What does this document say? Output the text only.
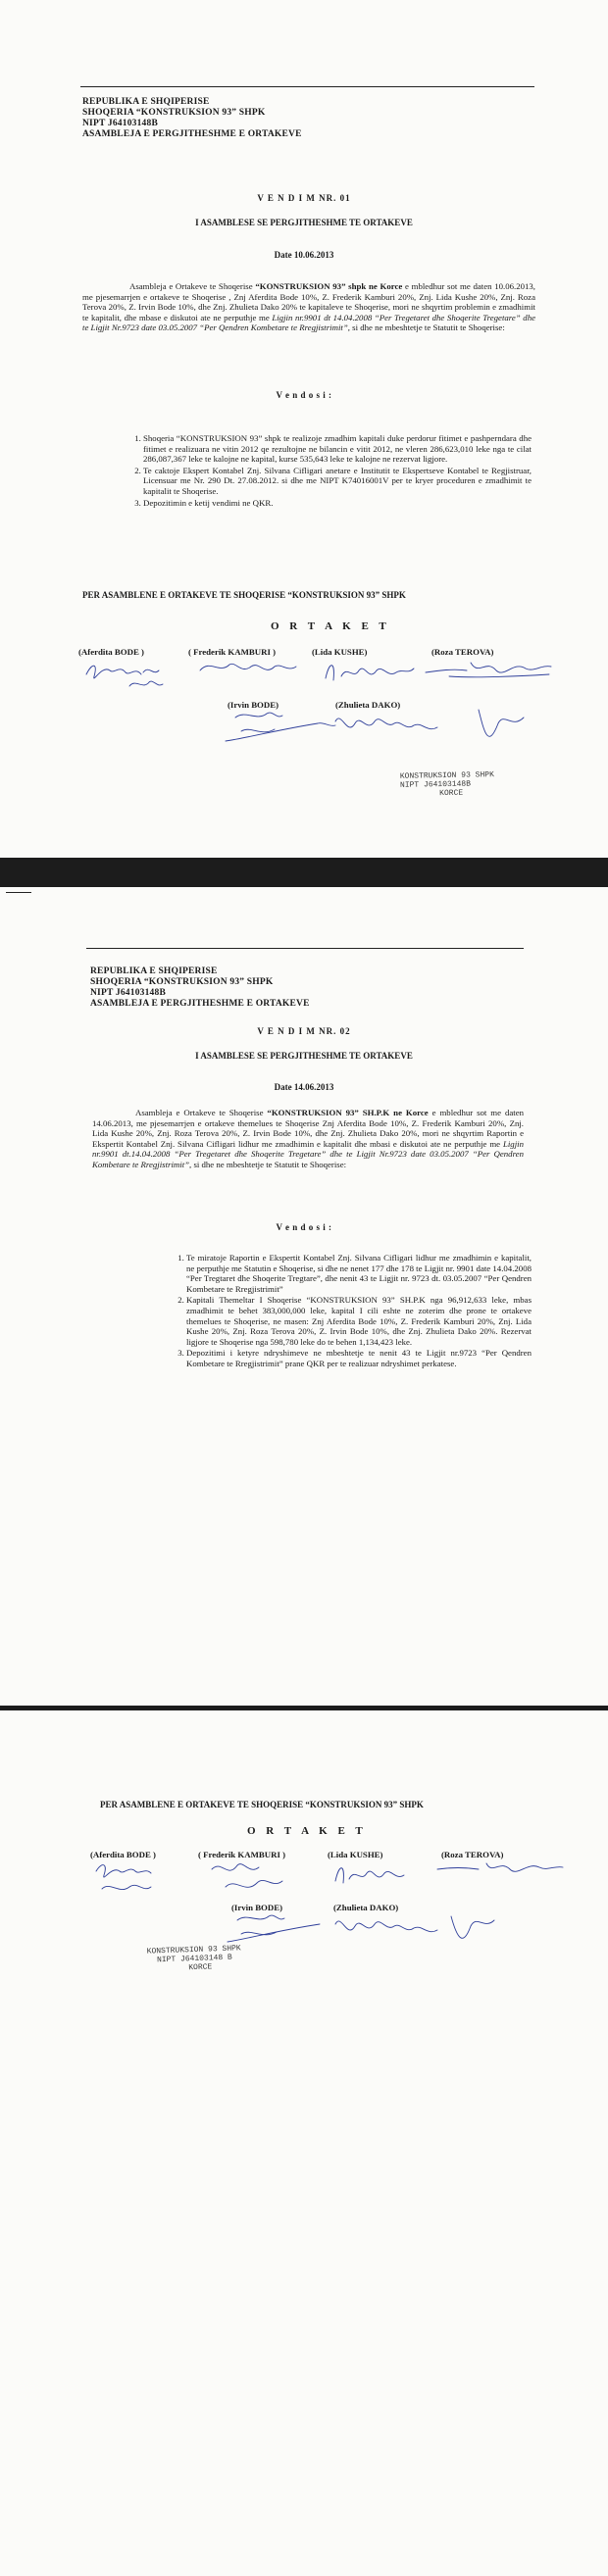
REPUBLIKA E SHQIPERISE
SHOQERIA “KONSTRUKSION 93” SHPK
NIPT J64103148B
ASAMBLEJA E PERGJITHESHME E ORTAKEVE
V E N D I M NR. 01
I ASAMBLESE SE PERGJITHESHME TE ORTAKEVE
Date 10.06.2013
Asambleja e Ortakeve te Shoqerise “KONSTRUKSION 93” shpk ne Korce e mbledhur sot me daten 10.06.2013, me pjesemarrjen e ortakeve te Shoqerise , Znj Aferdita Bode 10%, Z. Frederik Kamburi 20%, Znj. Lida Kushe 20%, Znj. Roza Terova 20%, Z. Irvin Bode 10%, dhe Znj. Zhulieta Dako 20% te kapitaleve te Shoqerise, mori ne shqyrtim problemin e zmadhimit te kapitalit, dhe mbase e diskutoi ate ne perputhje me Ligjin nr.9901 dt 14.04.2008 “Per Tregetaret dhe Shoqerite Tregetare” dhe te Ligjit Nr.9723 date 03.05.2007 “Per Qendren Kombetare te Rregjistrimit”, si dhe ne mbeshtetje te Statutit te Shoqerise:
V e n d o s i :
1. Shoqeria “KONSTRUKSION 93” shpk te realizoje zmadhim kapitali duke perdorur fitimet e pashperndara dhe fitimet e realizuara ne vitin 2012 qe rezultojne ne bilancin e vitit 2012, ne vleren 286,623,010 leke nga te cilat 286,087,367 leke te kalojne ne kapital, kurse 535,643 leke te kalojne ne rezervat ligjore.
2. Te caktoje Ekspert Kontabel Znj. Silvana Cifligari anetare e Institutit te Ekspertseve Kontabel te Regjistruar, Licensuar me Nr. 290 Dt. 27.08.2012. si dhe me NIPT K74016001V per te kryer proceduren e zmadhimit te kapitalit te Shoqerise.
3. Depozitimin e ketij vendimi ne QKR.
PER ASAMBLENE E ORTAKEVE TE SHOQERISE “KONSTRUKSION 93” SHPK
O R T A K E T
(Aferdita BODE )	( Frederik KAMBURI )	(Lida KUSHE)	(Roza TEROVA)
(Irvin BODE)	(Zhulieta DAKO)
KONSTRUKSION 93 SHPK
NIPT J64103148B
KORCE
REPUBLIKA E SHQIPERISE
SHOQERIA “KONSTRUKSION 93” SHPK
NIPT J64103148B
ASAMBLEJA E PERGJITHESHME E ORTAKEVE
V E N D I M NR. 02
I ASAMBLESE SE PERGJITHESHME TE ORTAKEVE
Date 14.06.2013
Asambleja e Ortakeve te Shoqerise “KONSTRUKSION 93” SH.P.K ne Korce e mbledhur sot me daten 14.06.2013, me pjesemarrjen e ortakeve themelues te Shoqerise Znj Aferdita Bode 10%, Z. Frederik Kamburi 20%, Znj. Lida Kushe 20%, Znj. Roza Terova 20%, Z. Irvin Bode 10%, dhe Znj. Zhulieta Dako 20%, mori ne shqyrtim Raportin e Ekspertit Kontabel Znj. Silvana Cifligari lidhur me zmadhimin e kapitalit dhe mbasi e diskutoi ate ne perputhje me Ligjin nr.9901 dt.14.04.2008 “Per Tregetaret dhe Shoqerite Tregetare” dhe te Ligjit Nr.9723 date 03.05.2007 “Per Qendren Kombetare te Rregjistrimit”, si dhe ne mbeshtetje te Statutit te Shoqerise:
V e n d o s i :
1. Te miratoje Raportin e Ekspertit Kontabel Znj. Silvana Cifligari lidhur me zmadhimin e kapitalit, ne perputhje me Statutin e Shoqerise, si dhe ne nenet 177 dhe 178 te Ligjit nr. 9901 date 14.04.2008 “Per Tregtaret dhe Shoqerite Tregtare”, dhe nenit 43 te Ligjit nr. 9723 dt. 03.05.2007 “Per Qendren Kombetare te Rregjistrimit”
2. Kapitali Themeltar I Shoqerise “KONSTRUKSION 93” SH.P.K nga 96,912,633 leke, mbas zmadhimit te behet 383,000,000 leke, kapital I cili eshte ne zoterim dhe prone te ortakeve themelues te Shoqerise, ne masen: Znj Aferdita Bode 10%, Z. Frederik Kamburi 20%, Znj. Lida Kushe 20%, Znj. Roza Terova 20%, Z. Irvin Bode 10%, dhe Znj. Zhulieta Dako 20%. Rezervat ligjore te Shoqerise nga 598,780 leke do te behen 1,134,423 leke.
3. Depozitimi i ketyre ndryshimeve ne mbeshtetje te nenit 43 te Ligjit nr.9723 “Per Qendren Kombetare te Rregjistrimit” prane QKR per te realizuar ndryshimet perkatese.
PER ASAMBLENE E ORTAKEVE TE SHOQERISE “KONSTRUKSION 93” SHPK
O R T A K E T
(Aferdita BODE )	( Frederik KAMBURI )	(Lida KUSHE)	(Roza TEROVA)
(Irvin BODE)	(Zhulieta DAKO)
KONSTRUKSION 93 SHPK
NIPT J64103148 B
KORCE
